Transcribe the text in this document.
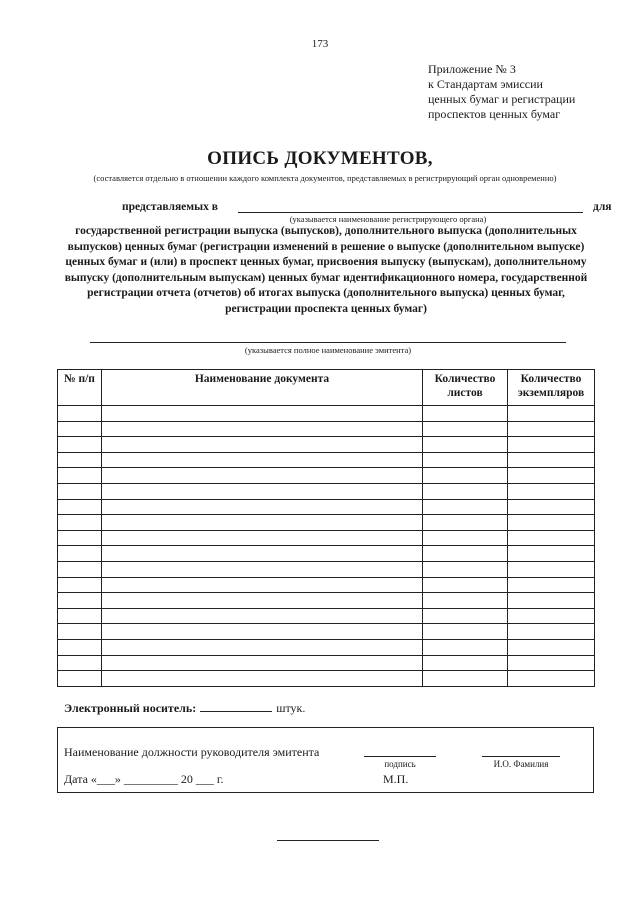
173
Приложение № 3
к Стандартам эмиссии
ценных бумаг и регистрации
проспектов ценных бумаг
ОПИСЬ ДОКУМЕНТОВ,
(составляется отдельно в отношении каждого комплекта документов, представляемых в регистрирующий орган одновременно)
представляемых в	для
(указывается наименование регистрирующего органа)
государственной регистрации выпуска (выпусков), дополнительного выпуска (дополнительных выпусков) ценных бумаг (регистрации изменений в решение о выпуске (дополнительном выпуске) ценных бумаг и (или) в проспект ценных бумаг, присвоения выпуску (выпускам), дополнительному выпуску (дополнительным выпускам) ценных бумаг идентификационного номера, государственной регистрации отчета (отчетов) об итогах выпуска (дополнительного выпуска) ценных бумаг, регистрации проспекта ценных бумаг)
(указывается полное наименование эмитента)
№ п/п	Наименование документа	Количество листов	Количество экземпляров

Электронный носитель:	штук.
Наименование должности руководителя эмитента
подпись	И.О. Фамилия
Дата «___» _________ 20 ___ г.	М.П.
